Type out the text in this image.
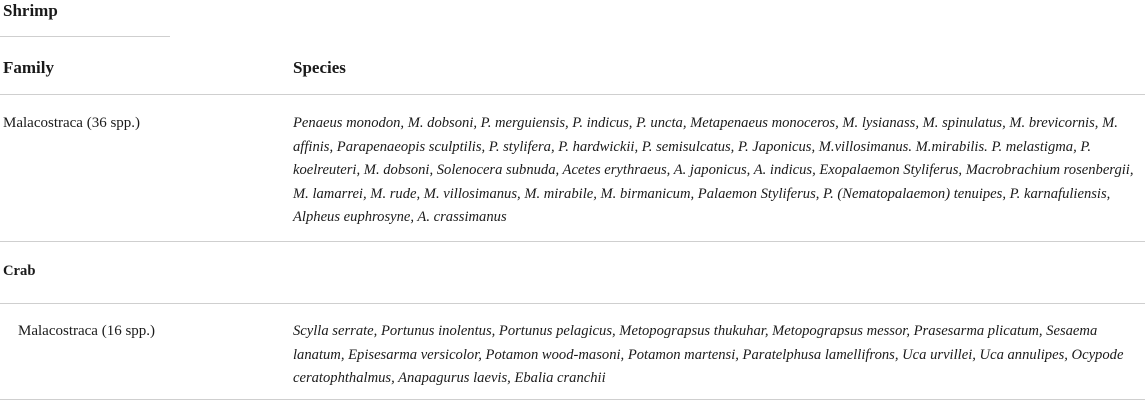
Shrimp
Family	Species
Malacostraca (36 spp.)	Penaeus monodon, M. dobsoni, P. merguiensis, P. indicus, P. uncta, Metapenaeus monoceros, M. lysianass, M. spinulatus, M. brevicornis, M. affinis, Parapenaeopis sculptilis, P. stylifera, P. hardwickii, P. semisulcatus, P. Japonicus, M.villosimanus. M.mirabilis. P. melastigma, P. koelreuteri, M. dobsoni, Solenocera subnuda, Acetes erythraeus, A. japonicus, A. indicus, Exopalaemon Styliferus, Macrobrachium rosenbergii, M. lamarrei, M. rude, M. villosimanus, M. mirabile, M. birmanicum, Palaemon Styliferus, P. (Nematopalaemon) tenuipes, P. karnafuliensis, Alpheus euphrosyne, A. crassimanus
Crab
Malacostraca (16 spp.)	Scylla serrate, Portunus inolentus, Portunus pelagicus, Metopograpsus thukuhar, Metopograpsus messor, Prasesarma plicatum, Sesaema lanatum, Episesarma versicolor, Potamon wood-masoni, Potamon martensi, Paratelphusa lamellifrons, Uca urvillei, Uca annulipes, Ocypode ceratophthalmus, Anapagurus laevis, Ebalia cranchii
